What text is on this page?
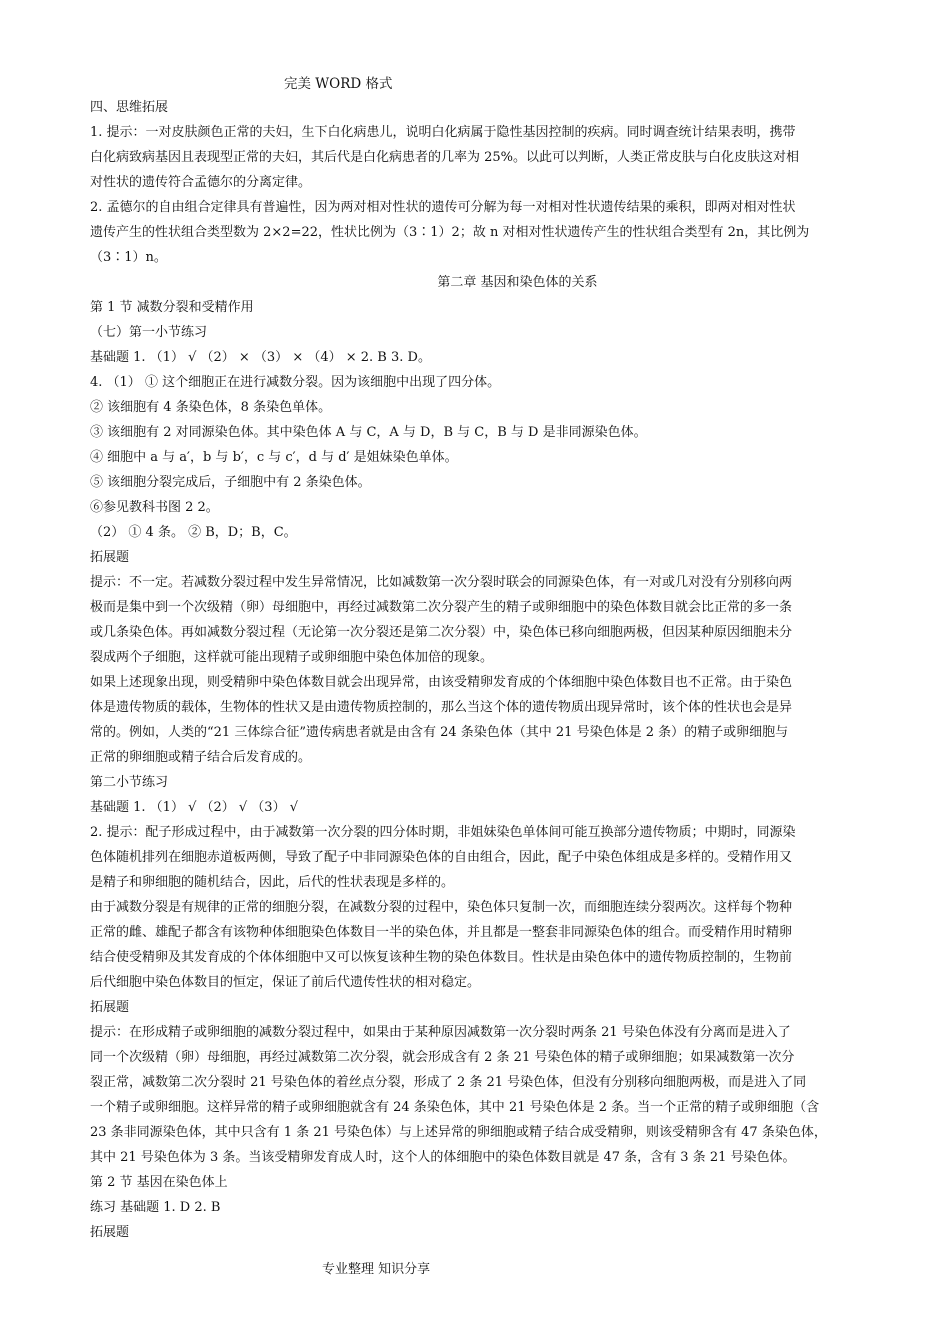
完美 WORD 格式
四、思维拓展
1. 提示：一对皮肤颜色正常的夫妇，生下白化病患儿，说明白化病属于隐性基因控制的疾病。同时调查统计结果表明，携带
白化病致病基因且表现型正常的夫妇，其后代是白化病患者的几率为 25%。以此可以判断，人类正常皮肤与白化皮肤这对相
对性状的遗传符合孟德尔的分离定律。
2. 孟德尔的自由组合定律具有普遍性，因为两对相对性状的遗传可分解为每一对相对性状遗传结果的乘积，即两对相对性状
遗传产生的性状组合类型数为 2×2=22，性状比例为（3∶1）2；故 n 对相对性状遗传产生的性状组合类型有 2n，其比例为
（3∶1）n。
第二章 基因和染色体的关系
第 1 节 减数分裂和受精作用
（七）第一小节练习
基础题 1. （1） √ （2） × （3） × （4） × 2. B 3. D。
4. （1） ① 这个细胞正在进行减数分裂。因为该细胞中出现了四分体。
② 该细胞有 4 条染色体，8 条染色单体。
③ 该细胞有 2 对同源染色体。其中染色体 A 与 C，A 与 D，B 与 C，B 与 D 是非同源染色体。
④ 细胞中 a 与 a′，b 与 b′，c 与 c′，d 与 d′ 是姐妹染色单体。
⑤ 该细胞分裂完成后，子细胞中有 2 条染色体。
⑥参见教科书图 2 2。
（2） ① 4 条。 ② B，D；B，C。
拓展题
提示：不一定。若减数分裂过程中发生异常情况，比如减数第一次分裂时联会的同源染色体，有一对或几对没有分别移向两
极而是集中到一个次级精（卵）母细胞中，再经过减数第二次分裂产生的精子或卵细胞中的染色体数目就会比正常的多一条
或几条染色体。再如减数分裂过程（无论第一次分裂还是第二次分裂）中，染色体已移向细胞两极，但因某种原因细胞未分
裂成两个子细胞，这样就可能出现精子或卵细胞中染色体加倍的现象。
如果上述现象出现，则受精卵中染色体数目就会出现异常，由该受精卵发育成的个体细胞中染色体数目也不正常。由于染色
体是遗传物质的载体，生物体的性状又是由遗传物质控制的，那么当这个体的遗传物质出现异常时，该个体的性状也会是异
常的。例如，人类的“21 三体综合征”遗传病患者就是由含有 24 条染色体（其中 21 号染色体是 2 条）的精子或卵细胞与
正常的卵细胞或精子结合后发育成的。
第二小节练习
基础题 1. （1） √ （2） √ （3） √
2. 提示：配子形成过程中，由于减数第一次分裂的四分体时期，非姐妹染色单体间可能互换部分遗传物质；中期时，同源染
色体随机排列在细胞赤道板两侧，导致了配子中非同源染色体的自由组合，因此，配子中染色体组成是多样的。受精作用又
是精子和卵细胞的随机结合，因此，后代的性状表现是多样的。
由于减数分裂是有规律的正常的细胞分裂，在减数分裂的过程中，染色体只复制一次，而细胞连续分裂两次。这样每个物种
正常的雌、雄配子都含有该物种体细胞染色体数目一半的染色体，并且都是一整套非同源染色体的组合。而受精作用时精卵
结合使受精卵及其发育成的个体体细胞中又可以恢复该种生物的染色体数目。性状是由染色体中的遗传物质控制的，生物前
后代细胞中染色体数目的恒定，保证了前后代遗传性状的相对稳定。
拓展题
提示：在形成精子或卵细胞的减数分裂过程中，如果由于某种原因减数第一次分裂时两条 21 号染色体没有分离而是进入了
同一个次级精（卵）母细胞，再经过减数第二次分裂，就会形成含有 2 条 21 号染色体的精子或卵细胞；如果减数第一次分
裂正常，减数第二次分裂时 21 号染色体的着丝点分裂，形成了 2 条 21 号染色体，但没有分别移向细胞两极，而是进入了同
一个精子或卵细胞。这样异常的精子或卵细胞就含有 24 条染色体，其中 21 号染色体是 2 条。当一个正常的精子或卵细胞（含
23 条非同源染色体，其中只含有 1 条 21 号染色体）与上述异常的卵细胞或精子结合成受精卵，则该受精卵含有 47 条染色体，
其中 21 号染色体为 3 条。当该受精卵发育成人时，这个人的体细胞中的染色体数目就是 47 条，含有 3 条 21 号染色体。
第 2 节 基因在染色体上
练习 基础题 1. D 2. B
拓展题
专业整理 知识分享
